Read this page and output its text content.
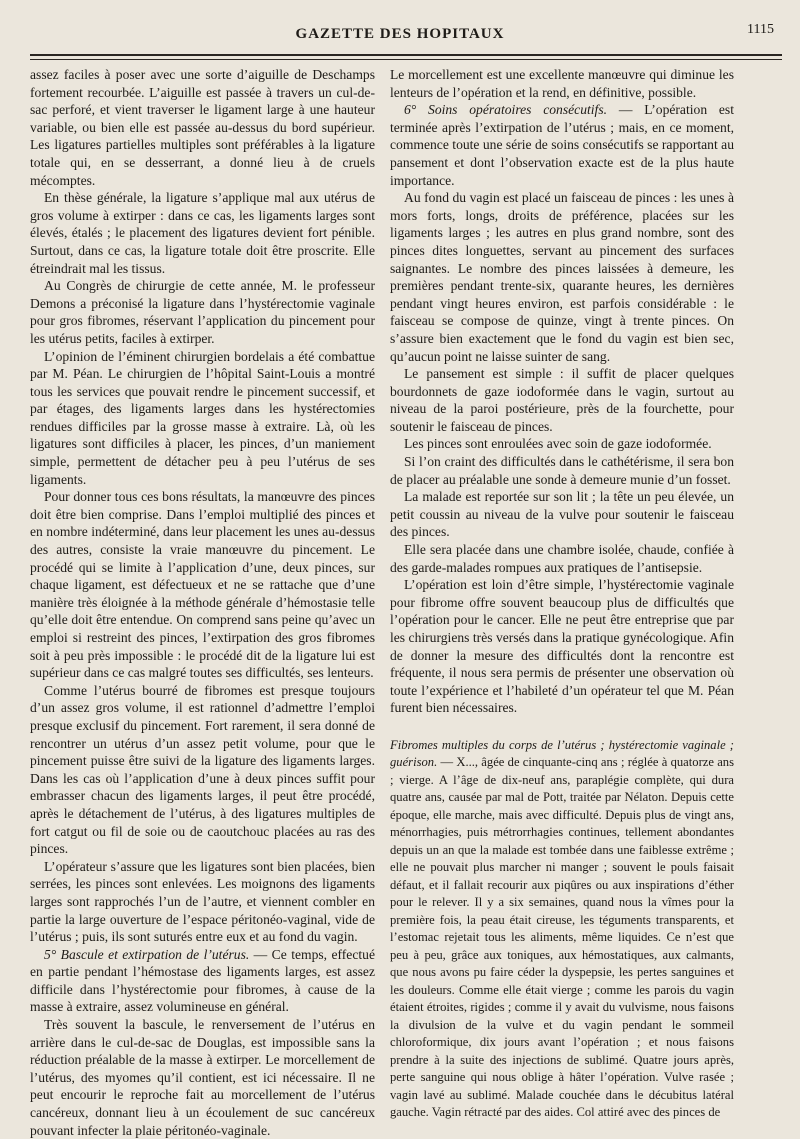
GAZETTE DES HOPITAUX	1115

assez faciles à poser avec une sorte d’aiguille de Deschamps fortement recourbée. L’aiguille est passée à travers un cul-de-sac perforé, et vient traverser le ligament large à une hauteur variable, ou bien elle est passée au-dessus du bord supérieur. Les ligatures partielles multiples sont préférables à la ligature totale qui, en se desserrant, a donné lieu à de cruels mécomptes.

En thèse générale, la ligature s’applique mal aux utérus de gros volume à extirper : dans ce cas, les ligaments larges sont élevés, étalés ; le placement des ligatures devient fort pénible. Surtout, dans ce cas, la ligature totale doit être proscrite. Elle étreindrait mal les tissus.

Au Congrès de chirurgie de cette année, M. le professeur Demons a préconisé la ligature dans l’hystérectomie vaginale pour gros fibromes, réservant l’application du pincement pour les utérus petits, faciles à extirper.

L’opinion de l’éminent chirurgien bordelais a été combattue par M. Péan. Le chirurgien de l’hôpital Saint-Louis a montré tous les services que pouvait rendre le pincement successif, et par étages, des ligaments larges dans les hystérectomies rendues difficiles par la grosse masse à extraire. Là, où les ligatures sont difficiles à placer, les pinces, d’un maniement simple, permettent de détacher peu à peu l’utérus de ses ligaments.

Pour donner tous ces bons résultats, la manœuvre des pinces doit être bien comprise. Dans l’emploi multiplié des pinces et en nombre indéterminé, dans leur placement les unes au-dessus des autres, consiste la vraie manœuvre du pincement. Le procédé qui se limite à l’application d’une, deux pinces, sur chaque ligament, est défectueux et ne se rattache que d’une manière très éloignée à la méthode générale d’hémostasie telle qu’elle doit être entendue. On comprend sans peine qu’avec un emploi si restreint des pinces, l’extirpation des gros fibromes soit à peu près impossible : le procédé dit de la ligature lui est supérieur dans ce cas malgré toutes ses difficultés, ses lenteurs.

Comme l’utérus bourré de fibromes est presque toujours d’un assez gros volume, il est rationnel d’admettre l’emploi presque exclusif du pincement. Fort rarement, il sera donné de rencontrer un utérus d’un assez petit volume, pour que le pincement puisse être suivi de la ligature des ligaments larges. Dans les cas où l’application d’une à deux pinces suffit pour embrasser chacun des ligaments larges, il peut être procédé, après le détachement de l’utérus, à des ligatures multiples de fort catgut ou fil de soie ou de caoutchouc placées au ras des pinces.

L’opérateur s’assure que les ligatures sont bien placées, bien serrées, les pinces sont enlevées. Les moignons des ligaments larges sont rapprochés l’un de l’autre, et viennent combler en partie la large ouverture de l’espace péritonéo-vaginal, vide de l’utérus ; puis, ils sont suturés entre eux et au fond du vagin.

5° Bascule et extirpation de l’utérus. — Ce temps, effectué en partie pendant l’hémostase des ligaments larges, est assez difficile dans l’hystérectomie pour fibromes, à cause de la masse à extraire, assez volumineuse en général.

Très souvent la bascule, le renversement de l’utérus en arrière dans le cul-de-sac de Douglas, est impossible sans la réduction préalable de la masse à extirper. Le morcellement de l’utérus, des myomes qu’il contient, est ici nécessaire. Il ne peut encourir le reproche fait au morcellement de l’utérus cancéreux, donnant lieu à un écoulement de suc cancéreux pouvant infecter la plaie péritonéo-vaginale.

Le morcellement est une excellente manœuvre qui diminue les lenteurs de l’opération et la rend, en définitive, possible.

6° Soins opératoires consécutifs. — L’opération est terminée après l’extirpation de l’utérus ; mais, en ce moment, commence toute une série de soins consécutifs se rapportant au pansement et dont l’observation exacte est de la plus haute importance.

Au fond du vagin est placé un faisceau de pinces : les unes à mors forts, longs, droits de préférence, placées sur les ligaments larges ; les autres en plus grand nombre, sont des pinces dites longuettes, servant au pincement des surfaces saignantes. Le nombre des pinces laissées à demeure, les premières pendant trente-six, quarante heures, les dernières pendant vingt heures environ, est parfois considérable : le faisceau se compose de quinze, vingt à trente pinces. On s’assure bien exactement que le fond du vagin est bien sec, qu’aucun point ne laisse suinter de sang.

Le pansement est simple : il suffit de placer quelques bourdonnets de gaze iodoformée dans le vagin, surtout au niveau de la paroi postérieure, près de la fourchette, pour soutenir le faisceau de pinces.

Les pinces sont enroulées avec soin de gaze iodoformée.

Si l’on craint des difficultés dans le cathétérisme, il sera bon de placer au préalable une sonde à demeure munie d’un fosset.

La malade est reportée sur son lit ; la tête un peu élevée, un petit coussin au niveau de la vulve pour soutenir le faisceau des pinces.

Elle sera placée dans une chambre isolée, chaude, confiée à des garde-malades rompues aux pratiques de l’antisepsie.

L’opération est loin d’être simple, l’hystérectomie vaginale pour fibrome offre souvent beaucoup plus de difficultés que l’opération pour le cancer. Elle ne peut être entreprise que par les chirurgiens très versés dans la pratique gynécologique. Afin de donner la mesure des difficultés dont la rencontre est fréquente, il nous sera permis de présenter une observation où toute l’expérience et l’habileté d’un opérateur tel que M. Péan furent bien nécessaires.

Fibromes multiples du corps de l’utérus ; hystérectomie vaginale ; guérison. — X..., âgée de cinquante-cinq ans ; réglée à quatorze ans ; vierge. A l’âge de dix-neuf ans, paraplégie complète, qui dura quatre ans, causée par mal de Pott, traitée par Nélaton. Depuis cette époque, elle marche, mais avec difficulté. Depuis plus de vingt ans, ménorrhagies, puis métrorrhagies continues, tellement abondantes depuis un an que la malade est tombée dans une faiblesse extrême ; elle ne pouvait plus marcher ni manger ; souvent le pouls faisait défaut, et il fallait recourir aux piqûres ou aux inspirations d’éther pour le relever. Il y a six semaines, quand nous la vîmes pour la première fois, la peau était cireuse, les téguments transparents, et l’estomac rejetait tous les aliments, même liquides. Ce n’est que peu à peu, grâce aux toniques, aux hémostatiques, aux calmants, que nous avons pu faire céder la dyspepsie, les pertes sanguines et les douleurs. Comme elle était vierge ; comme les parois du vagin étaient étroites, rigides ; comme il y avait du vulvisme, nous faisons la divulsion de la vulve et du vagin pendant le sommeil chloroformique, dix jours avant l’opération ; et nous faisons prendre à la suite des injections de sublimé. Quatre jours après, perte sanguine qui nous oblige à hâter l’opération. Vulve rasée ; vagin lavé au sublimé. Malade couchée dans le décubitus latéral gauche. Vagin rétracté par des aides. Col attiré avec des pinces de
